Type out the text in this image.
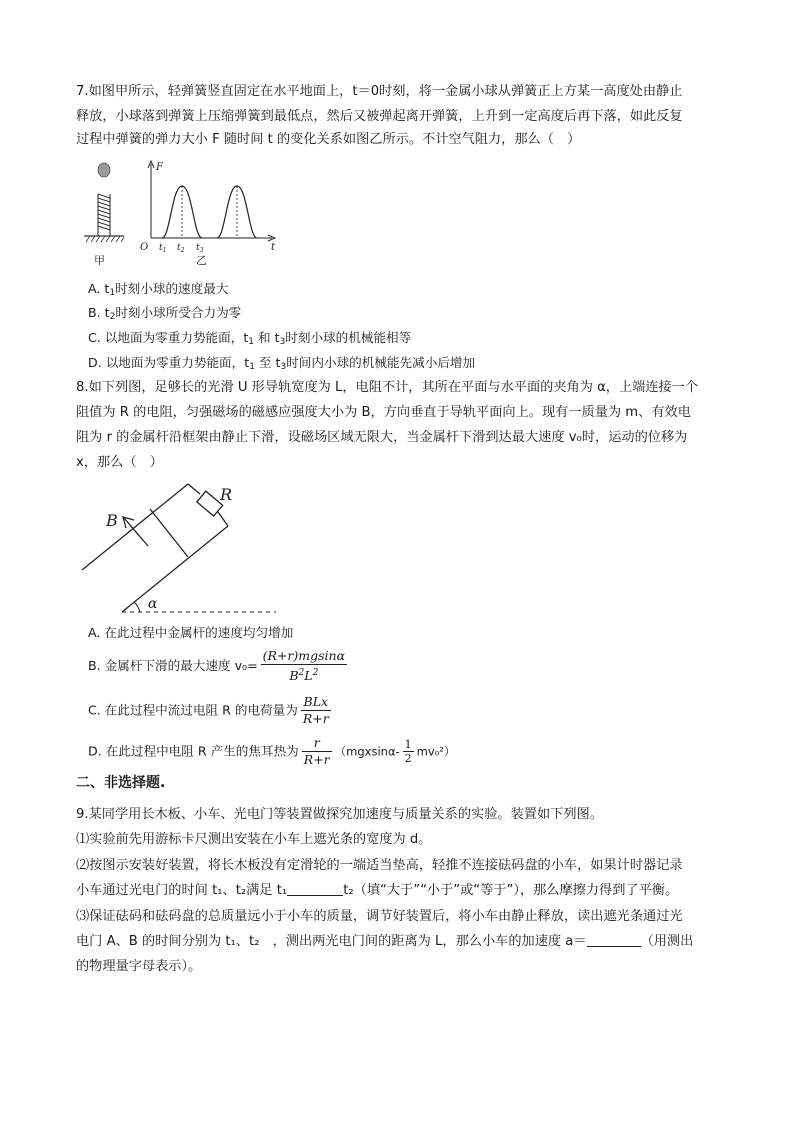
7.如图甲所示，轻弹簧竖直固定在水平地面上，t＝0时刻，将一金属小球从弹簧正上方某一高度处由静止
释放，小球落到弹簧上压缩弹簧到最低点，然后又被弹起离开弹簧，上升到一定高度后再下落，如此反复
过程中弹簧的弹力大小 F 随时间 t 的变化关系如图乙所示。不计空气阻力，那么（　）
甲
F
t
O $t_1$ $t_2$ $t_3$
乙
A. $t_1$时刻小球的速度最大
B. $t_2$时刻小球所受合力为零
C. 以地面为零重力势能面，$t_1$ 和 $t_3$时刻小球的机械能相等
D. 以地面为零重力势能面，$t_1$ 至 $t_3$时间内小球的机械能先减小后增加
8.如下列图，足够长的光滑 U 形导轨宽度为 L，电阻不计，其所在平面与水平面的夹角为 α，上端连接一个
阻值为 R 的电阻，匀强磁场的磁感应强度大小为 B，方向垂直于导轨平面向上。现有一质量为 m、有效电
阻为 r 的金属杆沿框架由静止下滑，设磁场区域无限大，当金属杆下滑到达最大速度 v₀时，运动的位移为
x，那么（　）
B
R
α
A. 在此过程中金属杆的速度均匀增加
B. 金属杆下滑的最大速度 $v_0= \frac{(R+r)mgsin\alpha}{B^2L^2}$
C. 在此过程中流过电阻 R 的电荷量为 $\frac{\text{BLx}}{R+r}$
D. 在此过程中电阻 R 产生的焦耳热为 $\frac{r}{R+r} (mgxsin\alpha- \frac{1}{2} mv_0^2)$
二、非选择题.
9.某同学用长木板、小车、光电门等装置做探究加速度与质量关系的实验。装置如下列图。
⑴实验前先用游标卡尺测出安装在小车上遮光条的宽度为 d。
⑵按图示安装好装置，将长木板没有定滑轮的一端适当垫高，轻推不连接砝码盘的小车，如果计时器记录
小车通过光电门的时间 t₁、t₂满足 t₁	t₂（填“大于”“小于”或“等于”），那么摩擦力得到了平衡。
⑶保证砝码和砝码盘的总质量远小于小车的质量，调节好装置后，将小车由静止释放，读出遮光条通过光
电门 A、B 的时间分别为 t₁、t₂　，测出两光电门间的距离为 L，那么小车的加速度 a＝	（用测出
的物理量字母表示）。
